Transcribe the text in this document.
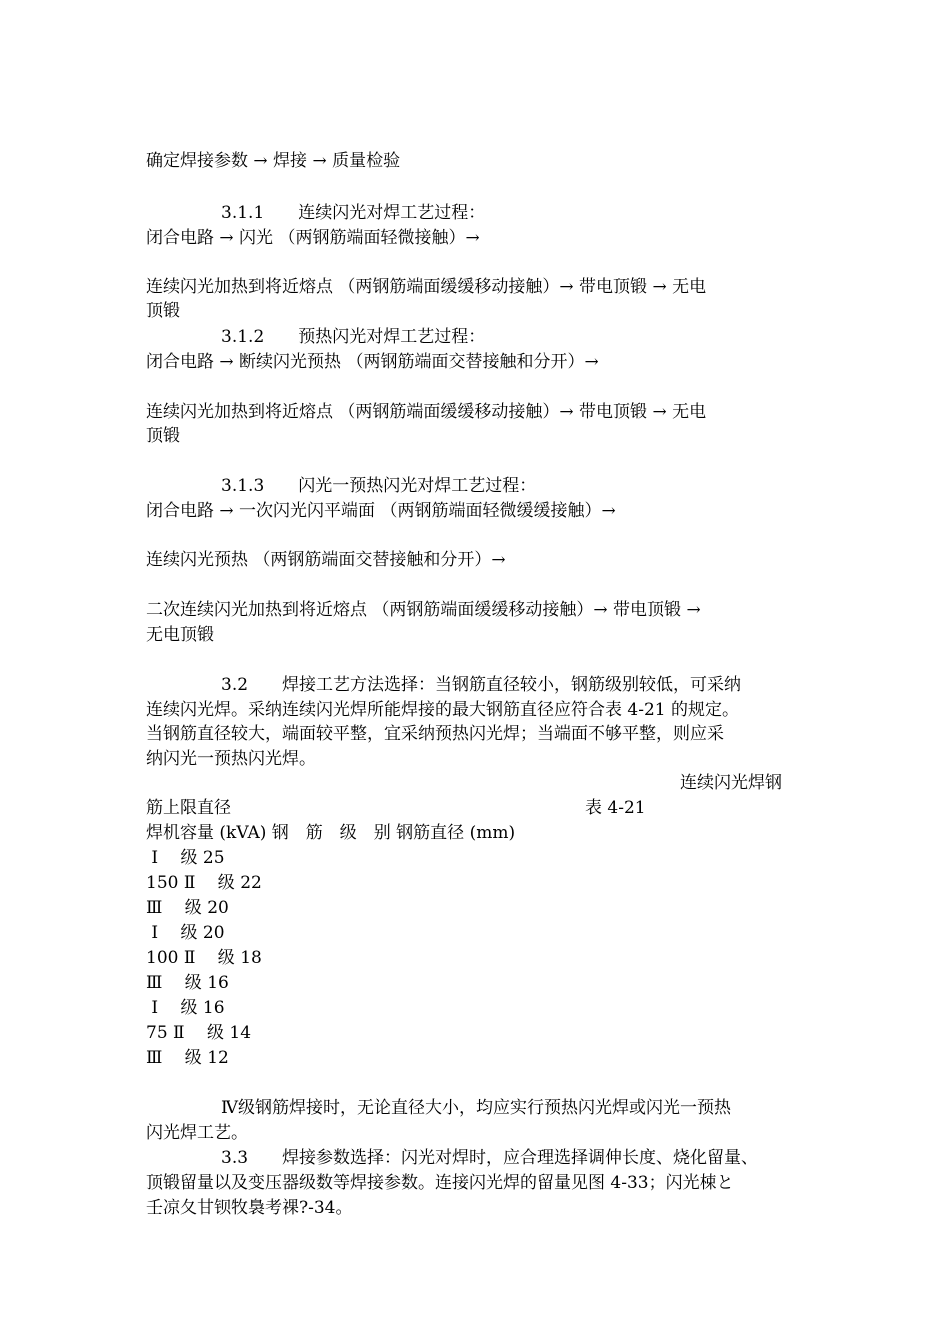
确定焊接参数 → 焊接 → 质量检验
3.1.1　　连续闪光对焊工艺过程：
闭合电路 → 闪光 （两钢筋端面轻微接触）→
连续闪光加热到将近熔点 （两钢筋端面缓缓移动接触）→ 带电顶锻 → 无电
顶锻
3.1.2　　预热闪光对焊工艺过程：
闭合电路 → 断续闪光预热 （两钢筋端面交替接触和分开）→
连续闪光加热到将近熔点 （两钢筋端面缓缓移动接触）→ 带电顶锻 → 无电
顶锻
3.1.3　　闪光一预热闪光对焊工艺过程：
闭合电路 → 一次闪光闪平端面 （两钢筋端面轻微缓缓接触）→
连续闪光预热 （两钢筋端面交替接触和分开）→
二次连续闪光加热到将近熔点 （两钢筋端面缓缓移动接触）→ 带电顶锻 →
无电顶锻
3.2　　焊接工艺方法选择：当钢筋直径较小，钢筋级别较低，可采纳
连续闪光焊。采纳连续闪光焊所能焊接的最大钢筋直径应符合表 4-21 的规定。
当钢筋直径较大，端面较平整，宜采纳预热闪光焊；当端面不够平整，则应采
纳闪光一预热闪光焊。
连续闪光焊钢
筋上限直径	表 4-21
焊机容量 (kVA) 钢　筋　级　别 钢筋直径 (mm)
Ⅰ　 级 25
150 Ⅱ 　级 22
Ⅲ　 级 20
Ⅰ　 级 20
100 Ⅱ 　级 18
Ⅲ　 级 16
Ⅰ　 级 16
75 Ⅱ 　级 14
Ⅲ　 级 12
Ⅳ级钢筋焊接时，无论直径大小，均应实行预热闪光焊或闪光一预热
闪光焊工艺。
3.3　　焊接参数选择：闪光对焊时，应合理选择调伸长度、烧化留量、
顶锻留量以及变压器级数等焊接参数。连接闪光焊的留量见图 4-33；闪光梀と
壬凉夂甘钡牧裊考祼?-34。
